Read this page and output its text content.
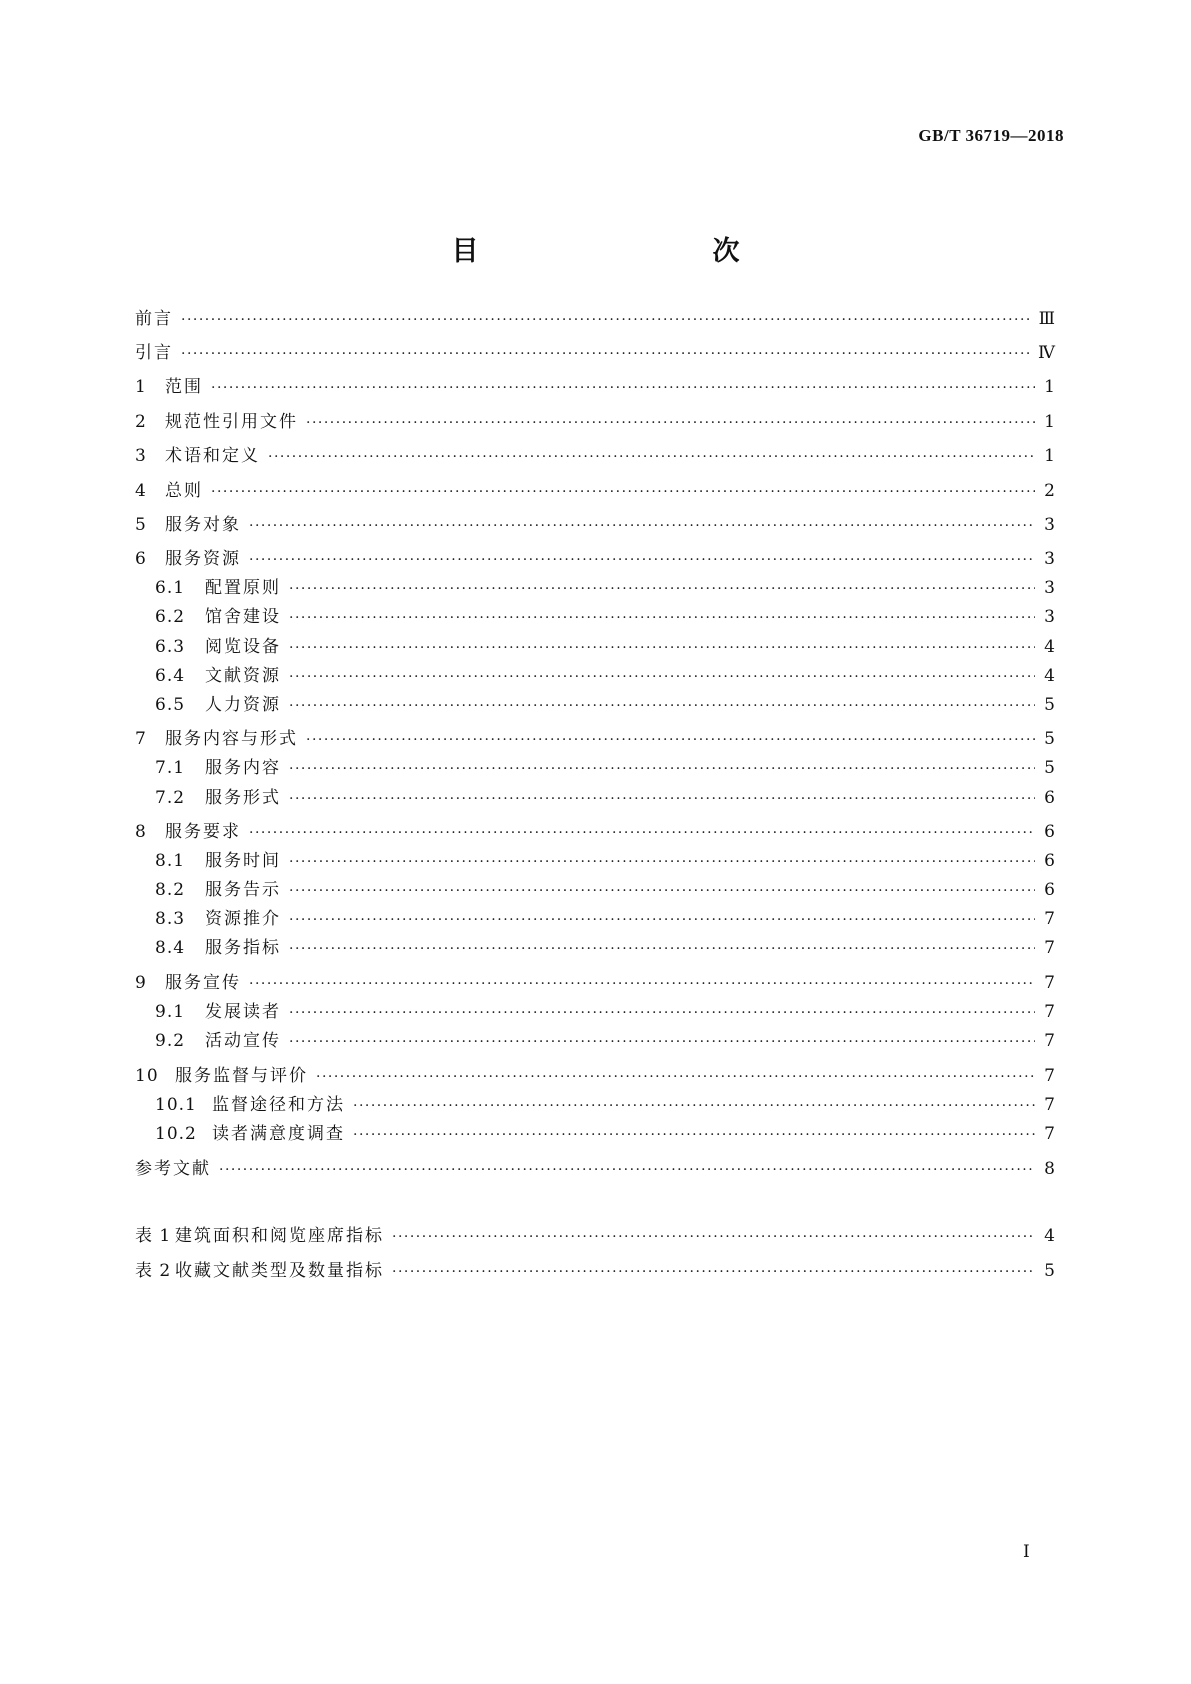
GB/T 36719—2018
目　　次
前言 ·····	Ⅲ
引言 ·····	Ⅳ
1	范围 ·····	1
2	规范性引用文件 ·····	1
3	术语和定义 ·····	1
4	总则 ·····	2
5	服务对象 ·····	3
6	服务资源 ·····	3
6.1	配置原则 ·····	3
6.2	馆舍建设 ·····	3
6.3	阅览设备 ·····	4
6.4	文献资源 ·····	4
6.5	人力资源 ·····	5
7	服务内容与形式 ·····	5
7.1	服务内容 ·····	5
7.2	服务形式 ·····	6
8	服务要求 ·····	6
8.1	服务时间 ·····	6
8.2	服务告示 ·····	6
8.3	资源推介 ·····	7
8.4	服务指标 ·····	7
9	服务宣传 ·····	7
9.1	发展读者 ·····	7
9.2	活动宣传 ·····	7
10 服务监督与评价 ·····	7
10.1 监督途径和方法 ·····	7
10.2 读者满意度调查 ·····	7
参考文献 ·····	8
表 1 建筑面积和阅览座席指标 ·····	4
表 2 收藏文献类型及数量指标 ·····	5
I
